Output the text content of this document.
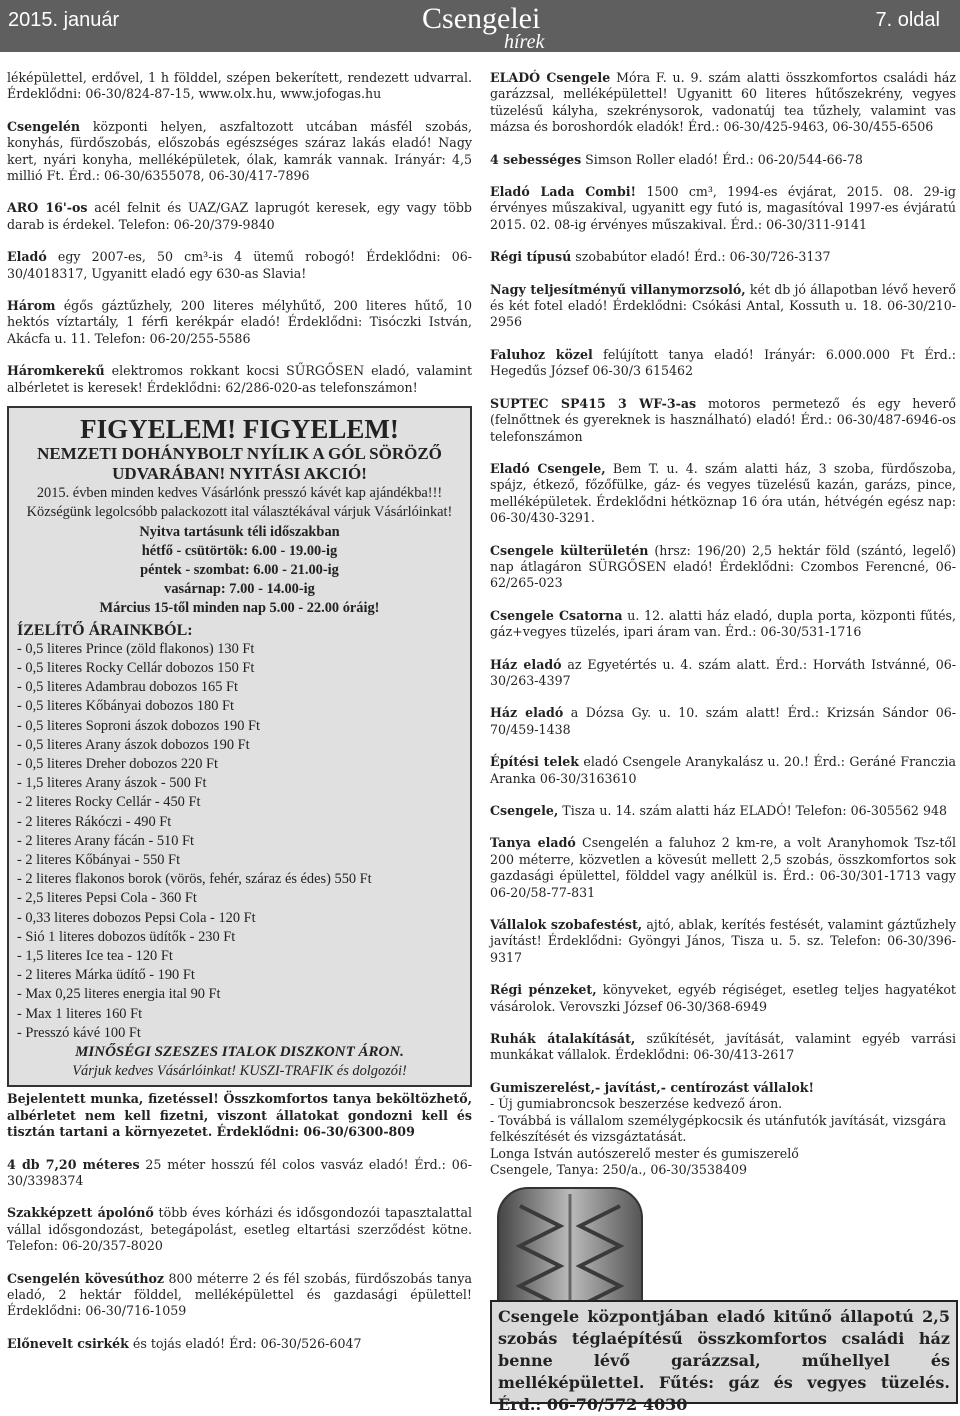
2015. január	Csengelei
hírek
7. oldal

léképülettel, erdővel, 1 h földdel, szépen bekerített, rendezett udvarral. Érdeklődni: 06-30/824-87-15, www.olx.hu, www.jofogas.hu

Csengelén központi helyen, aszfaltozott utcában másfél szobás, konyhás, fürdőszobás, előszobás egészséges száraz lakás eladó! Nagy kert, nyári konyha, melléképületek, ólak, kamrák vannak. Irányár: 4,5 millió Ft. Érd.: 06-30/6355078, 06-30/417-7896

ARO 16'-os acél felnit és UAZ/GAZ laprugót keresek, egy vagy több darab is érdekel. Telefon: 06-20/379-9840

Eladó egy 2007-es, 50 cm³-is 4 ütemű robogó! Érdeklődni: 06-30/4018317, Ugyanitt eladó egy 630-as Slavia!

Három égős gáztűzhely, 200 literes mélyhűtő, 200 literes hűtő, 10 hektós víztartály, 1 férfi kerékpár eladó! Érdeklődni: Tisóczki István, Akácfa u. 11. Telefon: 06-20/255-5586

Háromkerekű elektromos rokkant kocsi SŰRGŐSEN eladó, valamint albérletet is keresek! Érdeklődni: 62/286-020-as telefonszámon!

FIGYELEM! FIGYELEM!
NEMZETI DOHÁNYBOLT NYÍLIK A GÓL SÖRÖZŐ
UDVARÁBAN! NYITÁSI AKCIÓ!
2015. évben minden kedves Vásárlónk presszó kávét kap ajándékba!!!
Községünk legolcsóbb palackozott ital választékával várjuk Vásárlóinkat!
Nyitva tartásunk téli időszakban
hétfő - csütörtök: 6.00 - 19.00-ig
péntek - szombat: 6.00 - 21.00-ig
vasárnap: 7.00 - 14.00-ig
Március 15-től minden nap 5.00 - 22.00 óráig!
ÍZELÍTŐ ÁRAINKBÓL:
- 0,5 literes Prince (zöld flakonos) 130 Ft
- 0,5 literes Rocky Cellár dobozos 150 Ft
- 0,5 literes Adambrau dobozos 165 Ft
- 0,5 literes Kőbányai dobozos 180 Ft
- 0,5 literes Soproni ászok dobozos 190 Ft
- 0,5 literes Arany ászok dobozos 190 Ft
- 0,5 literes Dreher dobozos 220 Ft
- 1,5 literes Arany ászok - 500 Ft
- 2 literes Rocky Cellár - 450 Ft
- 2 literes Rákóczi - 490 Ft
- 2 literes Arany fácán - 510 Ft
- 2 literes Kőbányai - 550 Ft
- 2 literes flakonos borok (vörös, fehér, száraz és édes) 550 Ft
- 2,5 literes Pepsi Cola - 360 Ft
- 0,33 literes dobozos Pepsi Cola - 120 Ft
- Sió 1 literes dobozos üdítők - 230 Ft
- 1,5 literes Ice tea - 120 Ft
- 2 literes Márka üdítő - 190 Ft
- Max 0,25 literes energia ital 90 Ft
- Max 1 literes 160 Ft
- Presszó kávé 100 Ft
MINŐSÉGI SZESZES ITALOK DISZKONT ÁRON.
Várjuk kedves Vásárlóinkat! KUSZI-TRAFIK és dolgozói!

Bejelentett munka, fizetéssel! Összkomfortos tanya beköltözhető, albérletet nem kell fizetni, viszont állatokat gondozni kell és tisztán tartani a környezetet. Érdeklődni: 06-30/6300-809

4 db 7,20 méteres 25 méter hosszú fél colos vasváz eladó! Érd.: 06-30/3398374

Szakképzett ápolónő több éves kórházi és idősgondozói tapasztalattal vállal idősgondozást, betegápolást, esetleg eltartási szerződést kötne. Telefon: 06-20/357-8020

Csengelén kövesúthoz 800 méterre 2 és fél szobás, fürdőszobás tanya eladó, 2 hektár földdel, melléképülettel és gazdasági épülettel! Érdeklődni: 06-30/716-1059

Előnevelt csirkék és tojás eladó! Érd: 06-30/526-6047

ELADÓ Csengele Móra F. u. 9. szám alatti összkomfortos családi ház garázzsal, melléképülettel! Ugyanitt 60 literes hűtőszekrény, vegyes tüzelésű kályha, szekrénysorok, vadonatúj tea tűzhely, valamint vas mázsa és boroshordók eladók! Érd.: 06-30/425-9463, 06-30/455-6506

4 sebességes Simson Roller eladó! Érd.: 06-20/544-66-78

Eladó Lada Combi! 1500 cm³, 1994-es évjárat, 2015. 08. 29-ig érvényes műszakival, ugyanitt egy futó is, magasítóval 1997-es évjáratú 2015. 02. 08-ig érvényes műszakival. Érd.: 06-30/311-9141

Régi típusú szobabútor eladó! Érd.: 06-30/726-3137

Nagy teljesítményű villanymorzsoló, két db jó állapotban lévő heverő és két fotel eladó! Érdeklődni: Csókási Antal, Kossuth u. 18. 06-30/210-2956

Faluhoz közel felújított tanya eladó! Irányár: 6.000.000 Ft Érd.: Hegedűs József 06-30/3 615462

SUPTEC SP415 3 WF-3-as motoros permetező és egy heverő (felnőttnek és gyereknek is használható) eladó! Érd.: 06-30/487-6946-os telefonszámon

Eladó Csengele, Bem T. u. 4. szám alatti ház, 3 szoba, fürdőszoba, spájz, étkező, főzőfülke, gáz- és vegyes tüzelésű kazán, garázs, pince, melléképületek. Érdeklődni hétköznap 16 óra után, hétvégén egész nap: 06-30/430-3291.

Csengele külterületén (hrsz: 196/20) 2,5 hektár föld (szántó, legelő) nap átlagáron SÜRGŐSEN eladó! Érdeklődni: Czombos Ferencné, 06-62/265-023

Csengele Csatorna u. 12. alatti ház eladó, dupla porta, központi fűtés, gáz+vegyes tüzelés, ipari áram van. Érd.: 06-30/531-1716

Ház eladó az Egyetértés u. 4. szám alatt. Érd.: Horváth Istvánné, 06-30/263-4397

Ház eladó a Dózsa Gy. u. 10. szám alatt! Érd.: Krizsán Sándor 06-70/459-1438

Építési telek eladó Csengele Aranykalász u. 20.! Érd.: Geráné Franczia Aranka 06-30/3163610

Csengele, Tisza u. 14. szám alatti ház ELADÓ! Telefon: 06-305562 948

Tanya eladó Csengelén a faluhoz 2 km-re, a volt Aranyhomok Tsz-től 200 méterre, közvetlen a kövesút mellett 2,5 szobás, összkomfortos sok gazdasági épülettel, földdel vagy anélkül is. Érd.: 06-30/301-1713 vagy 06-20/58-77-831

Vállalok szobafestést, ajtó, ablak, kerítés festését, valamint gáztűzhely javítást! Érdeklődni: Gyöngyi János, Tisza u. 5. sz. Telefon: 06-30/396-9317

Régi pénzeket, könyveket, egyéb régiséget, esetleg teljes hagyatékot vásárolok. Verovszki József 06-30/368-6949

Ruhák átalakítását, szűkítését, javítását, valamint egyéb varrási munkákat vállalok. Érdeklődni: 06-30/413-2617

Gumiszerelést,- javítást,- centírozást vállalok!
- Új gumiabroncsok beszerzése kedvező áron.
- Továbbá is vállalom személygépkocsik és utánfutók javítását, vizsgára felkészítését és vizsgáztatását.
Longa István autószerelő mester és gumiszerelő
Csengele, Tanya: 250/a., 06-30/3538409
Csengele központjában eladó kitűnő állapotú 2,5 szobás téglaépítésű összkomfortos családi ház benne lévő garázzsal, műhellyel és melléképülettel. Fűtés: gáz és vegyes tüzelés. Érd.: 06-70/572 4030
